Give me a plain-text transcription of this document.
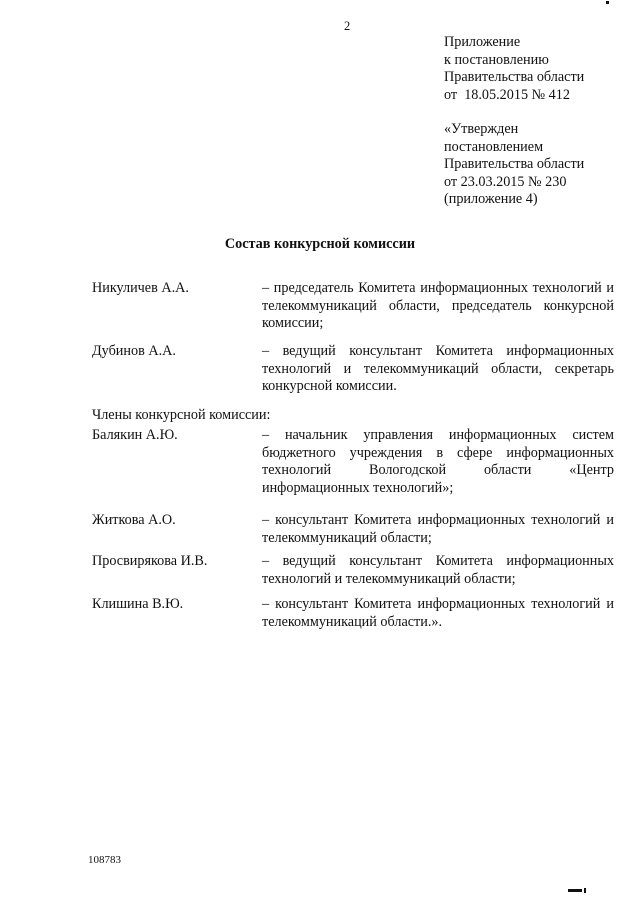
2
Приложение
к постановлению
Правительства области
от  18.05.2015 № 412
«Утвержден
постановлением
Правительства области
от 23.03.2015 № 230
(приложение 4)
Состав конкурсной комиссии
Никуличев А.А.	– председатель Комитета информационных технологий и телекоммуникаций области, председатель конкурсной комиссии;
Дубинов А.А.	– ведущий консультант Комитета информационных технологий и телекоммуникаций области, секретарь конкурсной комиссии.
Члены конкурсной комиссии:
Балякин А.Ю.	– начальник управления информационных систем бюджетного учреждения в сфере информационных технологий Вологодской области «Центр информационных технологий»;
Житкова А.О.	– консультант Комитета информационных технологий и телекоммуникаций области;
Просвирякова И.В.	– ведущий консультант Комитета информационных технологий и телекоммуникаций области;
Клишина В.Ю.	– консультант Комитета информационных технологий и телекоммуникаций области.».
108783
